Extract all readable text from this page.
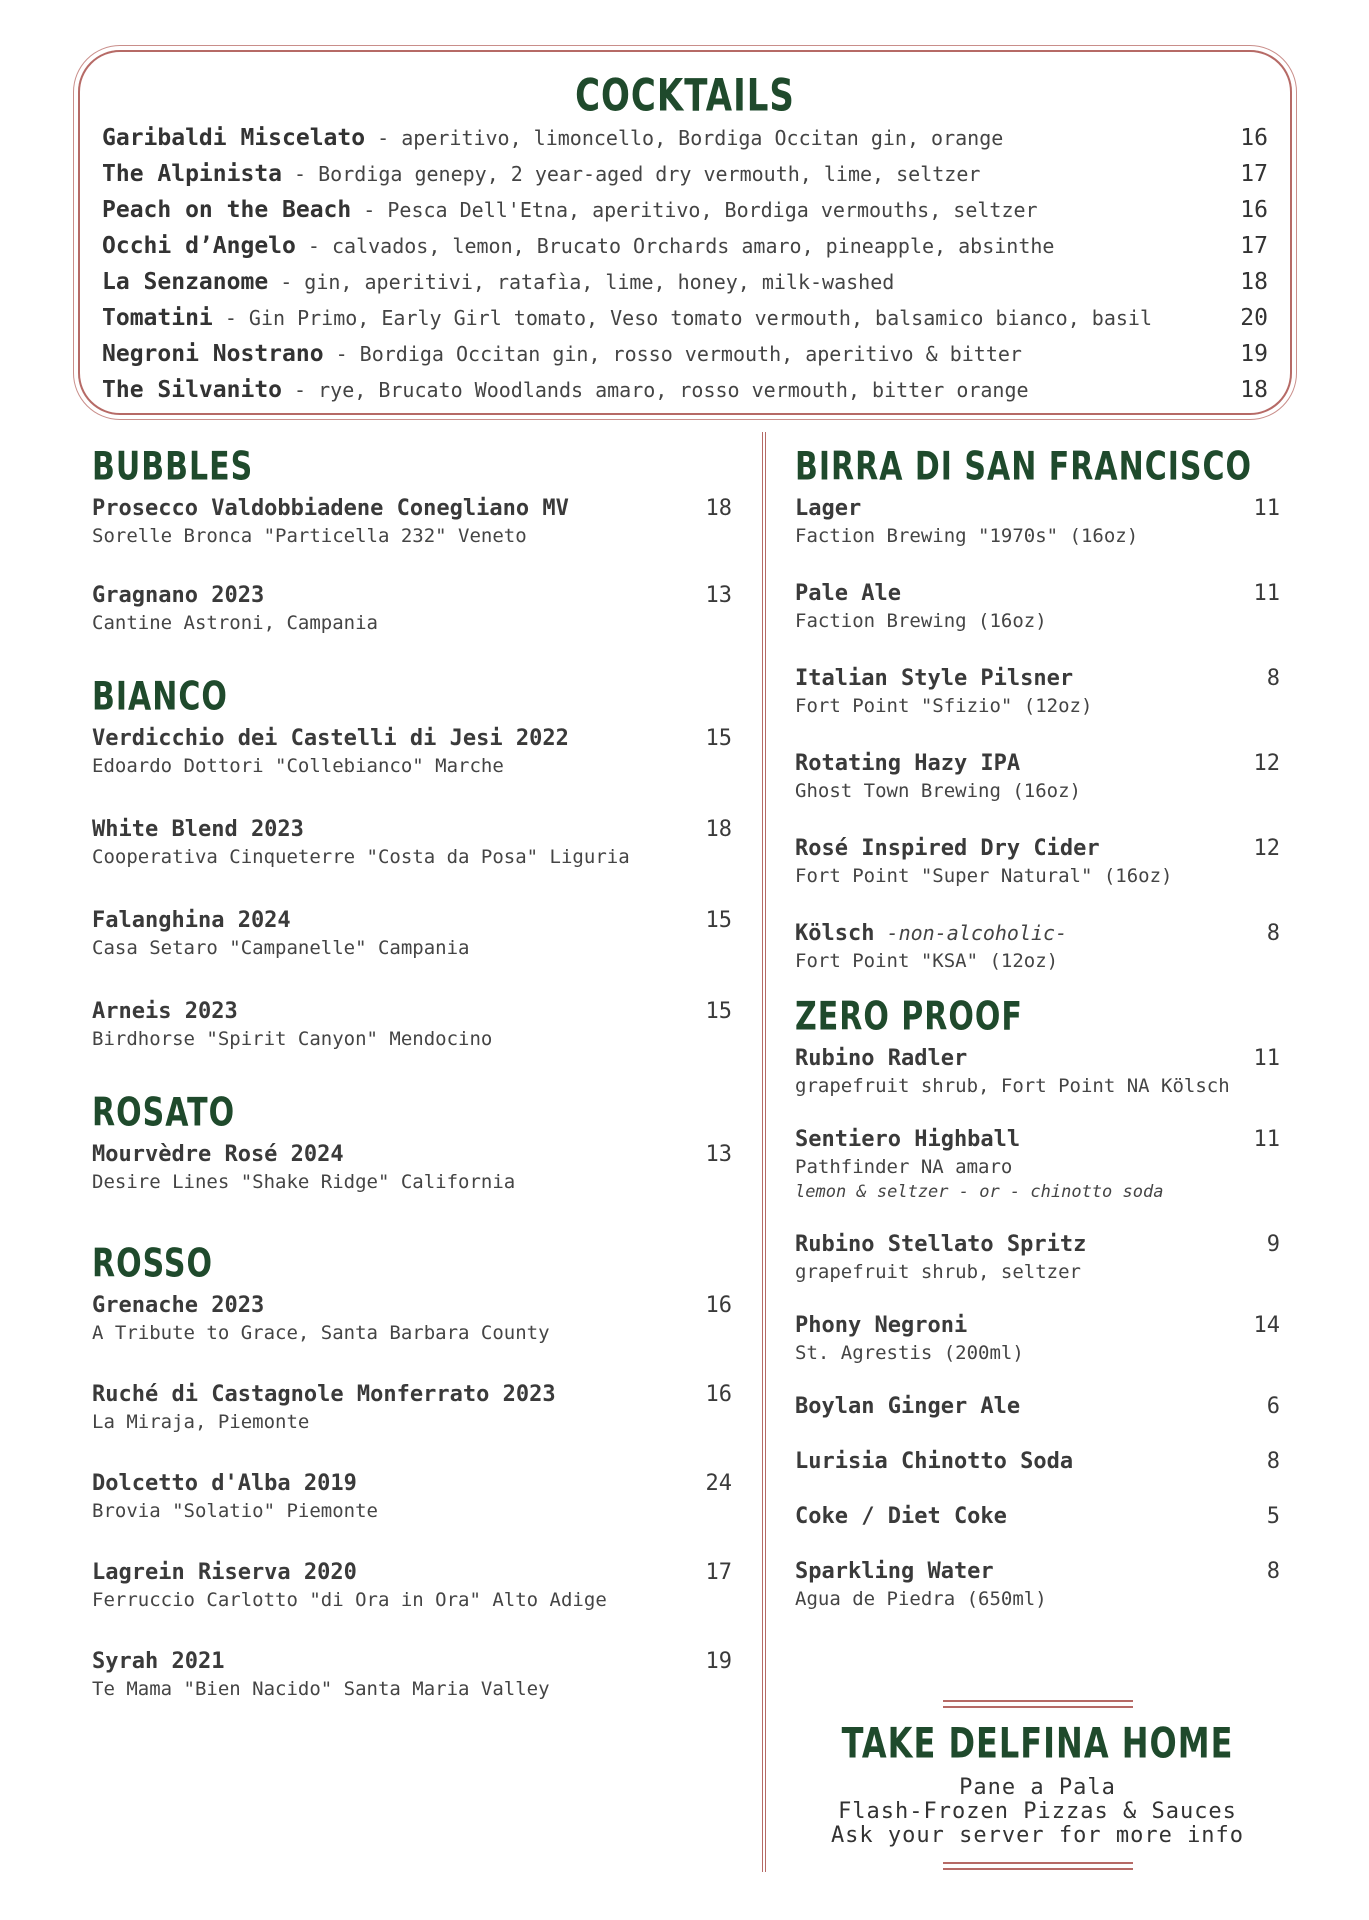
COCKTAILS
Garibaldi Miscelato - aperitivo, limoncello, Bordiga Occitan gin, orange	16
The Alpinista - Bordiga genepy, 2 year-aged dry vermouth, lime, seltzer	17
Peach on the Beach - Pesca Dell'Etna, aperitivo, Bordiga vermouths, seltzer	16
Occhi d’Angelo - calvados, lemon, Brucato Orchards amaro, pineapple, absinthe	17
La Senzanome - gin, aperitivi, ratafìa, lime, honey, milk-washed	18
Tomatini - Gin Primo, Early Girl tomato, Veso tomato vermouth, balsamico bianco, basil	20
Negroni Nostrano - Bordiga Occitan gin, rosso vermouth, aperitivo & bitter	19
The Silvanito - rye, Brucato Woodlands amaro, rosso vermouth, bitter orange	18
BUBBLES
Prosecco Valdobbiadene Conegliano MV	18
Sorelle Bronca "Particella 232" Veneto
Gragnano 2023	13
Cantine Astroni, Campania
BIANCO
Verdicchio dei Castelli di Jesi 2022	15
Edoardo Dottori "Collebianco" Marche
White Blend 2023	18
Cooperativa Cinqueterre "Costa da Posa" Liguria
Falanghina 2024	15
Casa Setaro "Campanelle" Campania
Arneis 2023	15
Birdhorse "Spirit Canyon" Mendocino
ROSATO
Mourvèdre Rosé 2024	13
Desire Lines "Shake Ridge" California
ROSSO
Grenache 2023	16
A Tribute to Grace, Santa Barbara County
Ruché di Castagnole Monferrato 2023	16
La Miraja, Piemonte
Dolcetto d'Alba 2019	24
Brovia "Solatio" Piemonte
Lagrein Riserva 2020	17
Ferruccio Carlotto "di Ora in Ora" Alto Adige
Syrah 2021	19
Te Mama "Bien Nacido" Santa Maria Valley
BIRRA DI SAN FRANCISCO
Lager	11
Faction Brewing "1970s" (16oz)
Pale Ale	11
Faction Brewing (16oz)
Italian Style Pilsner	8
Fort Point "Sfizio" (12oz)
Rotating Hazy IPA	12
Ghost Town Brewing (16oz)
Rosé Inspired Dry Cider	12
Fort Point "Super Natural" (16oz)
Kölsch -non-alcoholic-	8
Fort Point "KSA" (12oz)
ZERO PROOF
Rubino Radler	11
grapefruit shrub, Fort Point NA Kölsch
Sentiero Highball	11
Pathfinder NA amaro
lemon & seltzer - or - chinotto soda
Rubino Stellato Spritz	9
grapefruit shrub, seltzer
Phony Negroni	14
St. Agrestis (200ml)
Boylan Ginger Ale	6
Lurisia Chinotto Soda	8
Coke / Diet Coke	5
Sparkling Water	8
Agua de Piedra (650ml)
TAKE DELFINA HOME
Pane a Pala
Flash-Frozen Pizzas & Sauces
Ask your server for more info
